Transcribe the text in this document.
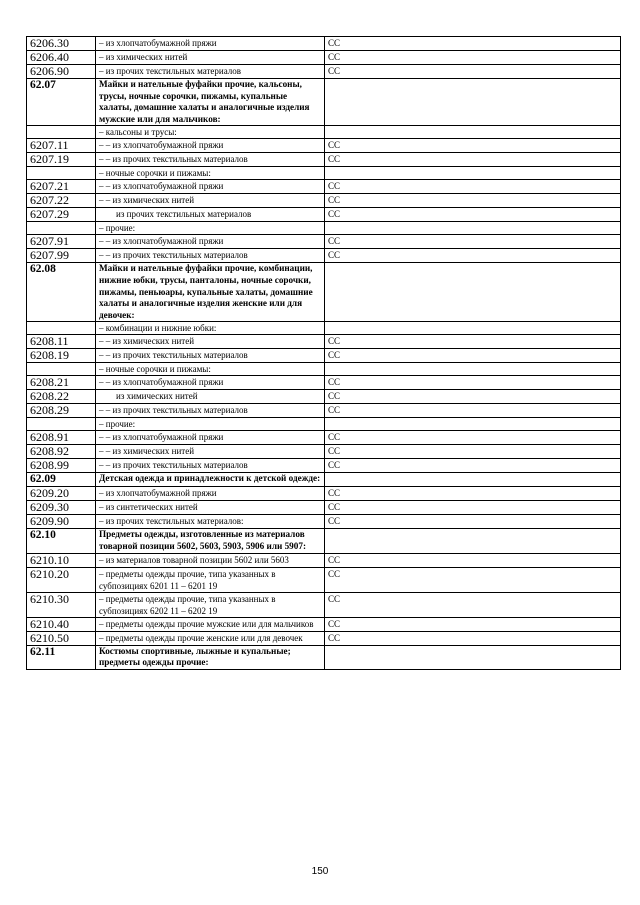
6206.30	– из хлопчатобумажной пряжи	СС
6206.40	– из химических нитей	СС
6206.90	– из прочих текстильных материалов	СС
62.07	Майки и нательные фуфайки прочие, кальсоны, трусы, ночные сорочки, пижамы, купальные халаты, домашние халаты и аналогичные изделия мужские или для мальчиков:	
	– кальсоны и трусы:	
6207.11	– – из хлопчатобумажной пряжи	СС
6207.19	– – из прочих текстильных материалов	СС
	– ночные сорочки и пижамы:	
6207.21	– – из хлопчатобумажной пряжи	СС
6207.22	– – из химических нитей	СС
6207.29	из прочих текстильных материалов	СС
	– прочие:	
6207.91	– – из хлопчатобумажной пряжи	СС
6207.99	– – из прочих текстильных материалов	СС
62.08	Майки и нательные фуфайки прочие, комбинации, нижние юбки, трусы, панталоны, ночные сорочки, пижамы, пеньюары, купальные халаты, домашние халаты и аналогичные изделия женские или для девочек:	
	– комбинации и нижние юбки:	
6208.11	– – из химических нитей	СС
6208.19	– – из прочих текстильных материалов	СС
	– ночные сорочки и пижамы:	
6208.21	– – из хлопчатобумажной пряжи	СС
6208.22	из химических нитей	СС
6208.29	– – из прочих текстильных материалов	СС
	– прочие:	
6208.91	– – из хлопчатобумажной пряжи	СС
6208.92	– – из химических нитей	СС
6208.99	– – из прочих текстильных материалов	СС
62.09	Детская одежда и принадлежности к детской одежде:	
6209.20	– из хлопчатобумажной пряжи	СС
6209.30	– из синтетических нитей	СС
6209.90	– из прочих текстильных материалов:	СС
62.10	Предметы одежды, изготовленные из материалов товарной позиции 5602, 5603, 5903, 5906 или 5907:	
6210.10	– из материалов товарной позиции 5602 или 5603	СС
6210.20	– предметы одежды прочие, типа указанных в субпозициях 6201 11 – 6201 19	СС
6210.30	– предметы одежды прочие, типа указанных в субпозициях 6202 11 – 6202 19	СС
6210.40	– предметы одежды прочие мужские или для мальчиков	СС
6210.50	– предметы одежды прочие женские или для девочек	СС
62.11	Костюмы спортивные, лыжные и купальные; предметы одежды прочие:	
150
